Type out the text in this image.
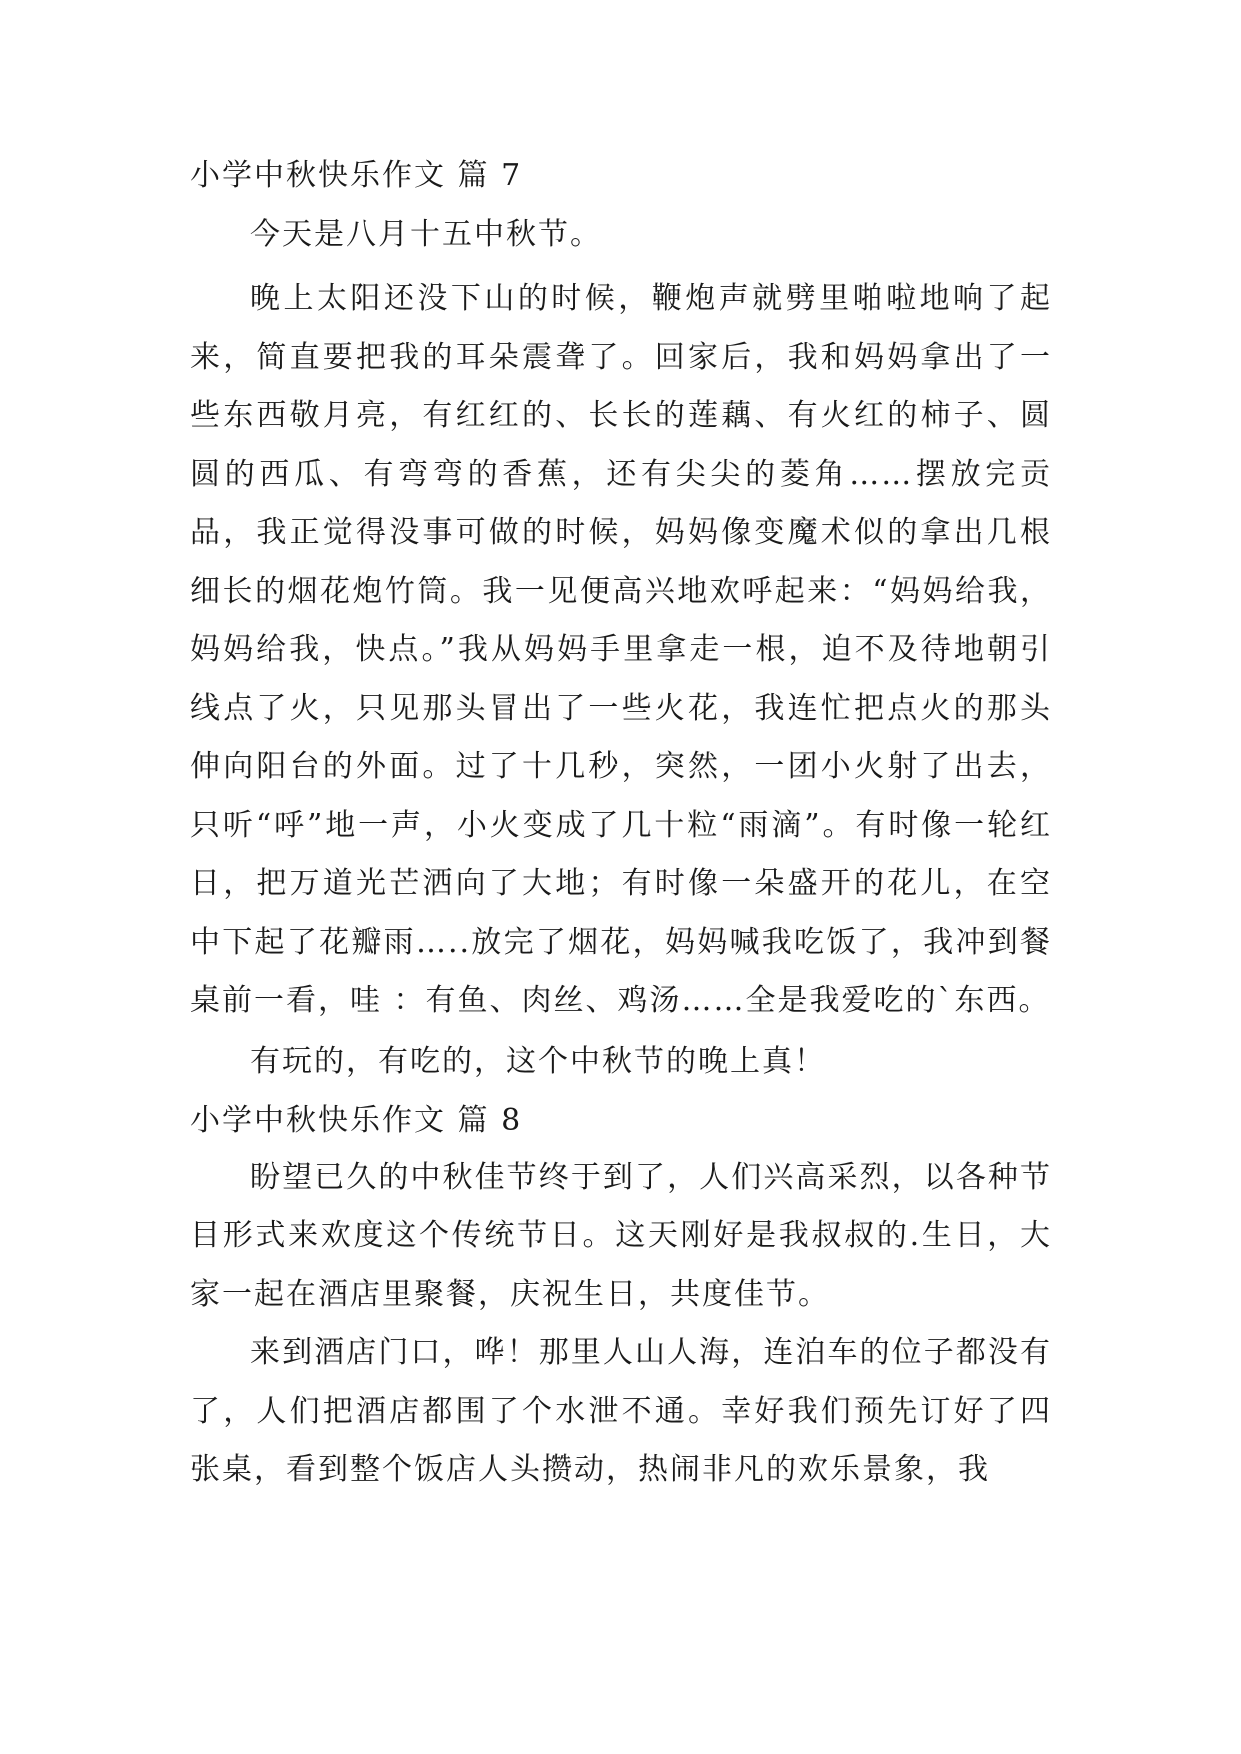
小学中秋快乐作文 篇 7

今天是八月十五中秋节。

晚上太阳还没下山的时候，鞭炮声就劈里啪啦地响了起来，简直要把我的耳朵震聋了。回家后，我和妈妈拿出了一些东西敬月亮，有红红的、长长的莲藕、有火红的柿子、圆圆的西瓜、有弯弯的香蕉，还有尖尖的菱角……摆放完贡品，我正觉得没事可做的时候，妈妈像变魔术似的拿出几根细长的烟花炮竹筒。我一见便高兴地欢呼起来：“妈妈给我，妈妈给我，快点。”我从妈妈手里拿走一根，迫不及待地朝引线点了火，只见那头冒出了一些火花，我连忙把点火的那头伸向阳台的外面。过了十几秒，突然，一团小火射了出去，只听“呼”地一声，小火变成了几十粒“雨滴”。有时像一轮红日，把万道光芒洒向了大地；有时像一朵盛开的花儿，在空中下起了花瓣雨…..放完了烟花，妈妈喊我吃饭了，我冲到餐桌前一看，哇 ：有鱼、肉丝、鸡汤……全是我爱吃的`东西。

有玩的，有吃的，这个中秋节的晚上真！

小学中秋快乐作文 篇 8

盼望已久的中秋佳节终于到了，人们兴高采烈，以各种节目形式来欢度这个传统节日。这天刚好是我叔叔的.生日，大家一起在酒店里聚餐，庆祝生日，共度佳节。

来到酒店门口，哗！那里人山人海，连泊车的位子都没有了，人们把酒店都围了个水泄不通。幸好我们预先订好了四张桌，看到整个饭店人头攒动，热闹非凡的欢乐景象，我
